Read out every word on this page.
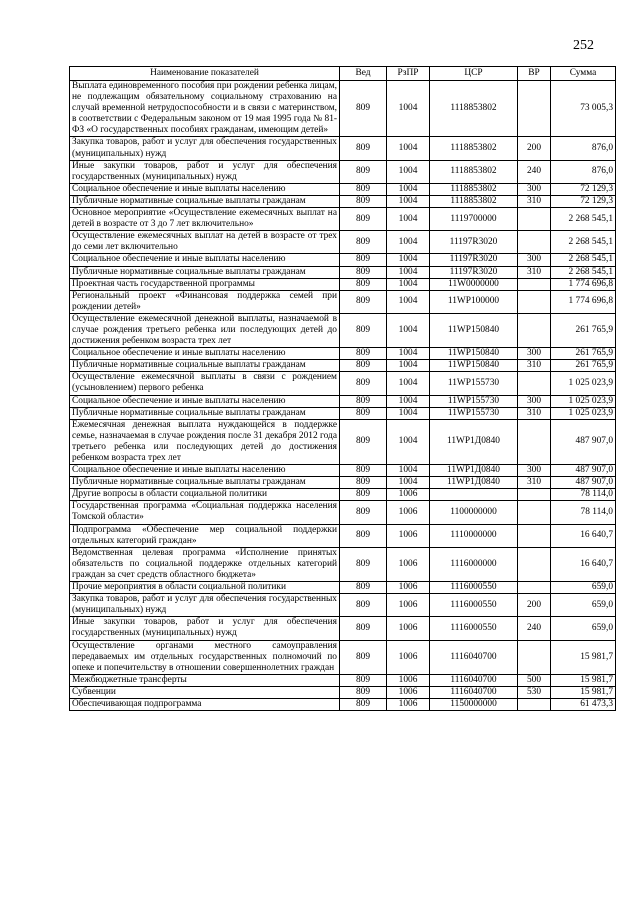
252
Наименование показателей	Вед	РзПР	ЦСР	ВР	Сумма
Выплата единовременного пособия при рождении ребенка лицам, не подлежащим обязательному социальному страхованию на случай временной нетрудоспособности и в связи с материнством, в соответствии с Федеральным законом от 19 мая 1995 года № 81-ФЗ «О государственных пособиях гражданам, имеющим детей»	809	1004	1118853802		73 005,3
Закупка товаров, работ и услуг для обеспечения государственных (муниципальных) нужд	809	1004	1118853802	200	876,0
Иные закупки товаров, работ и услуг для обеспечения государственных (муниципальных) нужд	809	1004	1118853802	240	876,0
Социальное обеспечение и иные выплаты населению	809	1004	1118853802	300	72 129,3
Публичные нормативные социальные выплаты гражданам	809	1004	1118853802	310	72 129,3
Основное мероприятие «Осуществление ежемесячных выплат на детей в возрасте от 3 до 7 лет включительно»	809	1004	1119700000		2 268 545,1
Осуществление ежемесячных выплат на детей в возрасте от трех до семи лет включительно	809	1004	11197R3020		2 268 545,1
Социальное обеспечение и иные выплаты населению	809	1004	11197R3020	300	2 268 545,1
Публичные нормативные социальные выплаты гражданам	809	1004	11197R3020	310	2 268 545,1
Проектная часть государственной программы	809	1004	11W0000000		1 774 696,8
Региональный проект «Финансовая поддержка семей при рождении детей»	809	1004	11WP100000		1 774 696,8
Осуществление ежемесячной денежной выплаты, назначаемой в случае рождения третьего ребенка или последующих детей до достижения ребенком возраста трех лет	809	1004	11WP150840		261 765,9
Социальное обеспечение и иные выплаты населению	809	1004	11WP150840	300	261 765,9
Публичные нормативные социальные выплаты гражданам	809	1004	11WP150840	310	261 765,9
Осуществление ежемесячной выплаты в связи с рождением (усыновлением) первого ребенка	809	1004	11WP155730		1 025 023,9
Социальное обеспечение и иные выплаты населению	809	1004	11WP155730	300	1 025 023,9
Публичные нормативные социальные выплаты гражданам	809	1004	11WP155730	310	1 025 023,9
Ежемесячная денежная выплата нуждающейся в поддержке семье, назначаемая в случае рождения после 31 декабря 2012 года третьего ребенка или последующих детей до достижения ребенком возраста трех лет	809	1004	11WP1Д0840		487 907,0
Социальное обеспечение и иные выплаты населению	809	1004	11WP1Д0840	300	487 907,0
Публичные нормативные социальные выплаты гражданам	809	1004	11WP1Д0840	310	487 907,0
Другие вопросы в области социальной политики	809	1006			78 114,0
Государственная программа «Социальная поддержка населения Томской области»	809	1006	1100000000		78 114,0
Подпрограмма «Обеспечение мер социальной поддержки отдельных категорий граждан»	809	1006	1110000000		16 640,7
Ведомственная целевая программа «Исполнение принятых обязательств по социальной поддержке отдельных категорий граждан за счет средств областного бюджета»	809	1006	1116000000		16 640,7
Прочие мероприятия в области социальной политики	809	1006	1116000550		659,0
Закупка товаров, работ и услуг для обеспечения государственных (муниципальных) нужд	809	1006	1116000550	200	659,0
Иные закупки товаров, работ и услуг для обеспечения государственных (муниципальных) нужд	809	1006	1116000550	240	659,0
Осуществление органами местного самоуправления передаваемых им отдельных государственных полномочий по опеке и попечительству в отношении совершеннолетних граждан	809	1006	1116040700		15 981,7
Межбюджетные трансферты	809	1006	1116040700	500	15 981,7
Субвенции	809	1006	1116040700	530	15 981,7
Обеспечивающая подпрограмма	809	1006	1150000000		61 473,3
